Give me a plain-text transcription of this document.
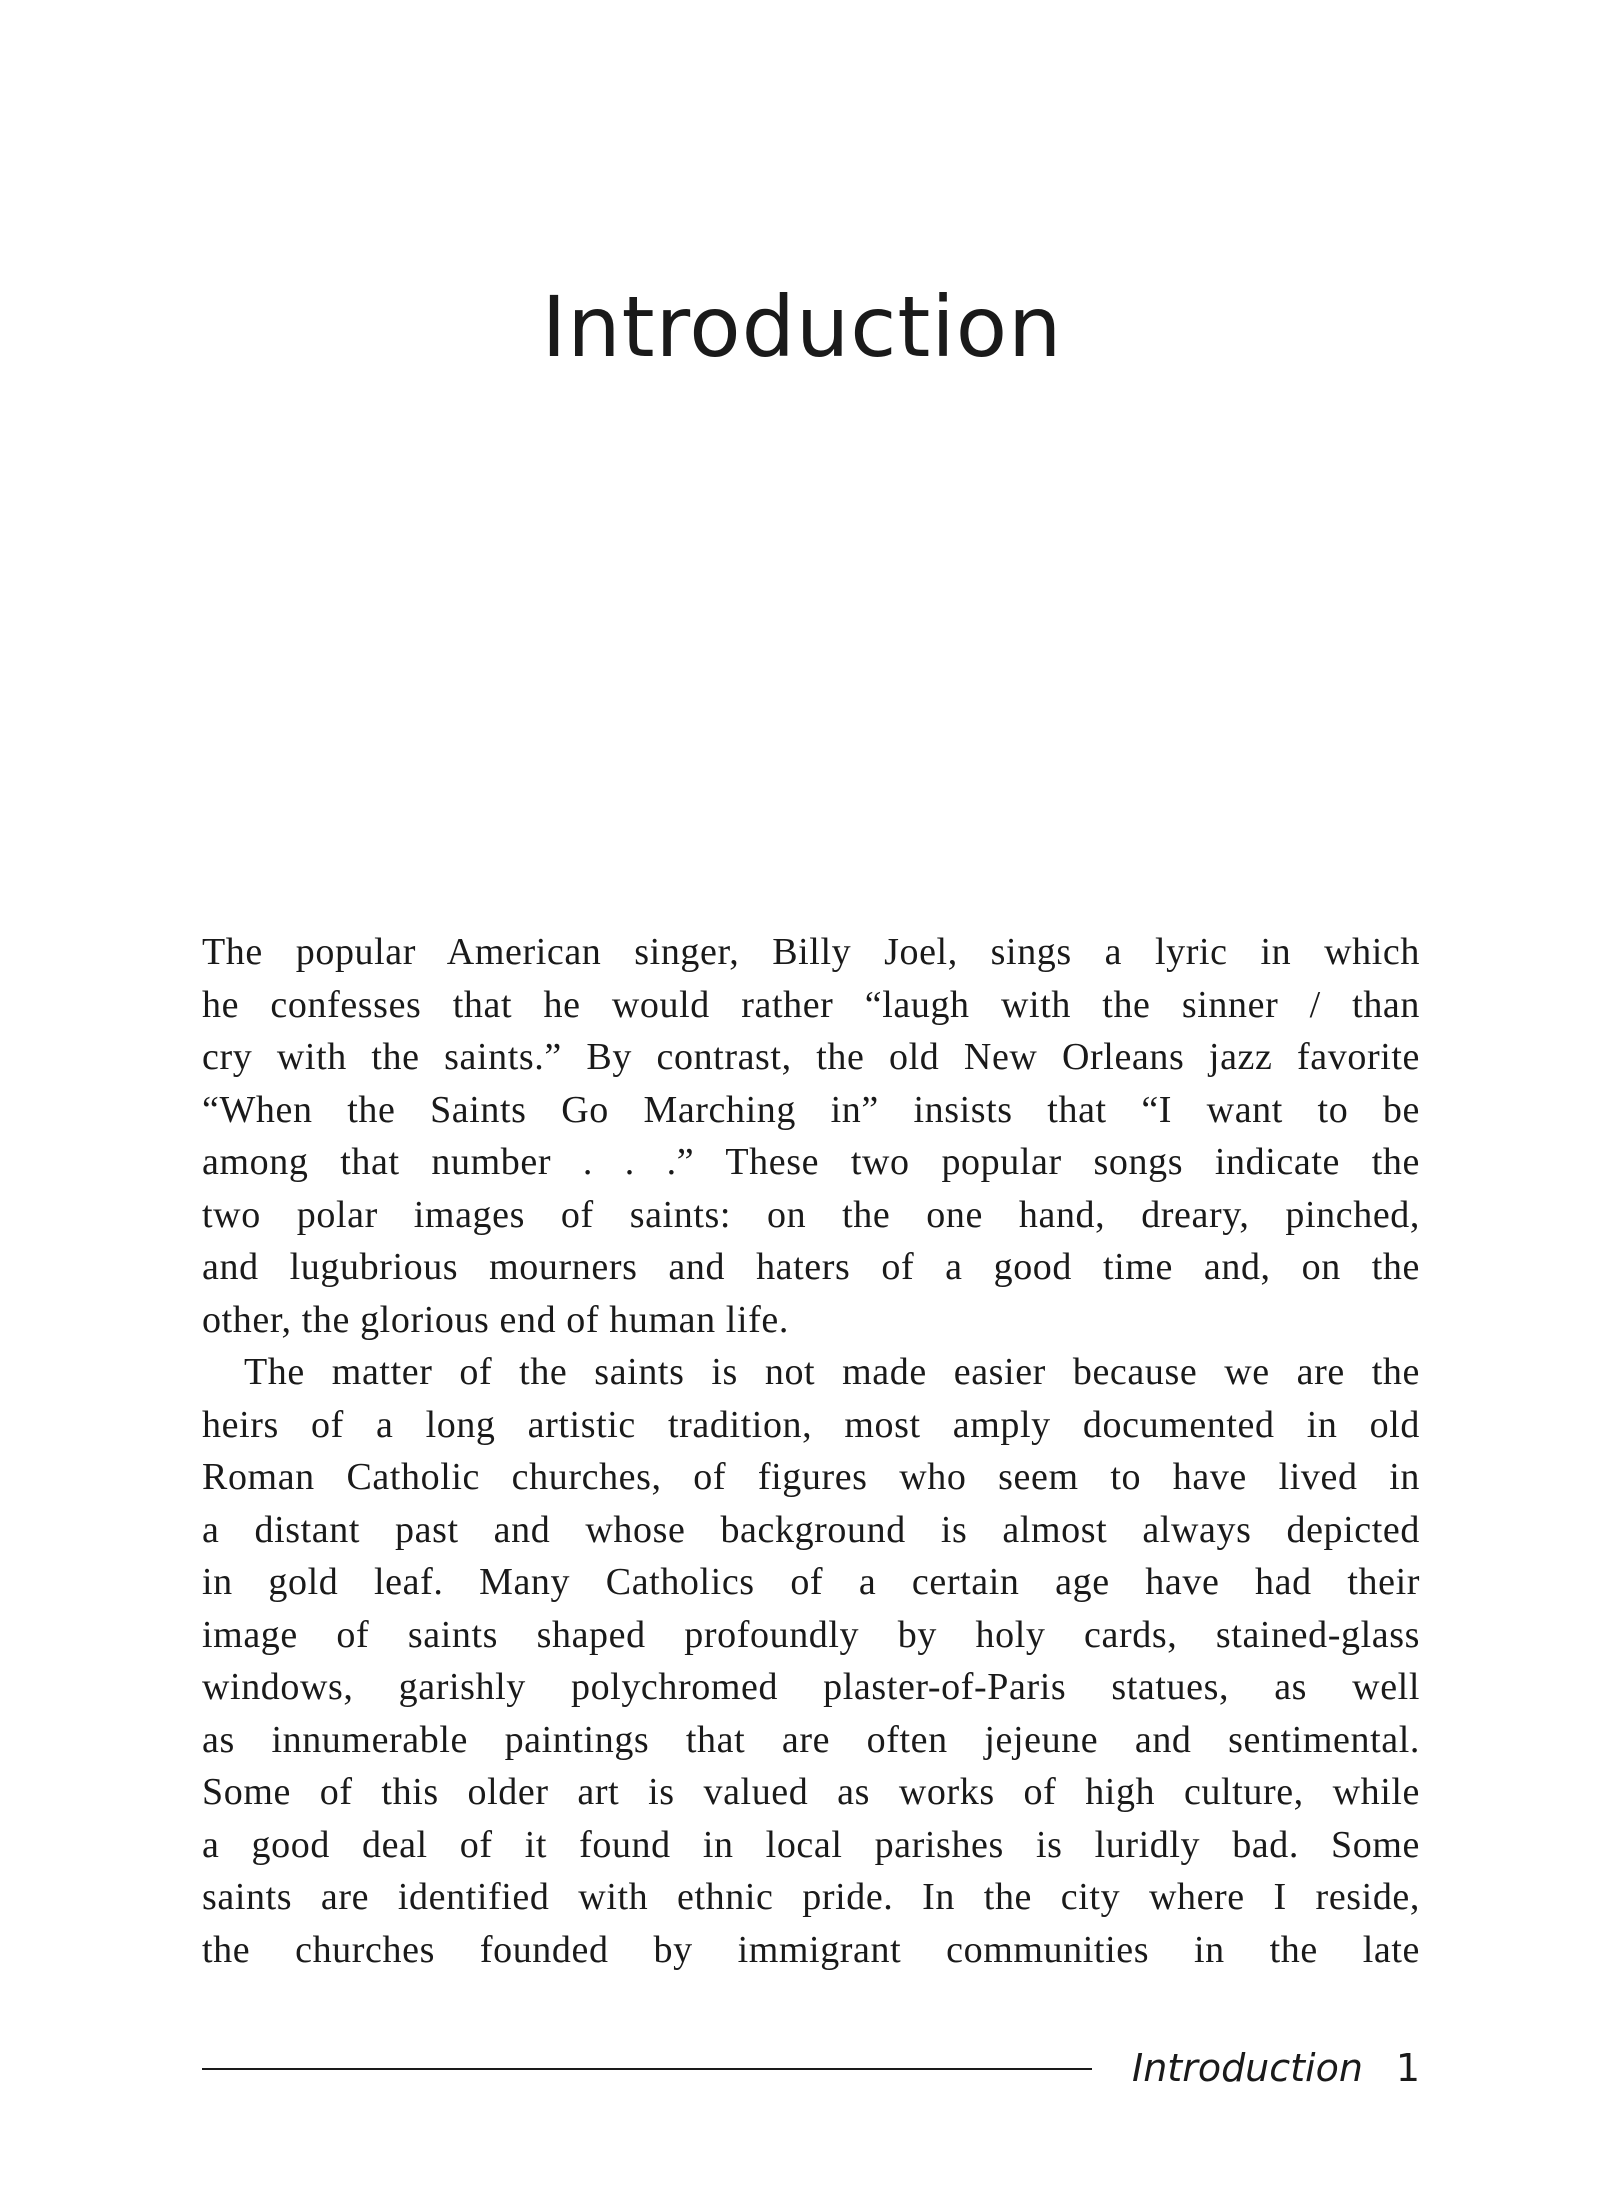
Introduction

The popular American singer, Billy Joel, sings a lyric in which

he confesses that he would rather “laugh with the sinner / than

cry with the saints.” By contrast, the old New Orleans jazz favorite

“When the Saints Go Marching in” insists that “I want to be

among that number . . .” These two popular songs indicate the

two polar images of saints: on the one hand, dreary, pinched,

and lugubrious mourners and haters of a good time and, on the

other, the glorious end of human life.

The matter of the saints is not made easier because we are the

heirs of a long artistic tradition, most amply documented in old

Roman Catholic churches, of figures who seem to have lived in

a distant past and whose background is almost always depicted

in gold leaf. Many Catholics of a certain age have had their

image of saints shaped profoundly by holy cards, stained-glass

windows, garishly polychromed plaster-of-Paris statues, as well

as innumerable paintings that are often jejeune and sentimental.

Some of this older art is valued as works of high culture, while

a good deal of it found in local parishes is luridly bad. Some

saints are identified with ethnic pride. In the city where I reside,

the churches founded by immigrant communities in the late

Introduction 1
